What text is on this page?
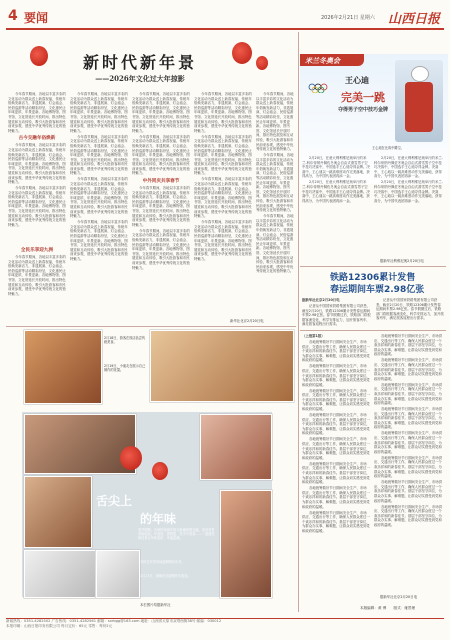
4 要闻	2026年2月21日 星期六 山西日报
新时代新年景
——2026年文化过大年掠影

今年春节期间，各地以丰富多彩的文化活动为群众送上新春祝福，传统年俗焕发新活力，非遗展演、灯会庙会、民俗巡游等活动精彩纷呈，文化惠民让年味更浓、年景更新。各地博物馆、图书馆、文化馆延长开放时间，推出特色展览和互动体验，吸引大批游客和市民前来参观，感受中华优秀传统文化的独特魅力。

古今交融年俗焕新

今年春节期间，各地以丰富多彩的文化活动为群众送上新春祝福，传统年俗焕发新活力，非遗展演、灯会庙会、民俗巡游等活动精彩纷呈，文化惠民让年味更浓、年景更新。各地博物馆、图书馆、文化馆延长开放时间，推出特色展览和互动体验，吸引大批游客和市民前来参观，感受中华优秀传统文化的独特魅力。

今年春节期间，各地以丰富多彩的文化活动为群众送上新春祝福，传统年俗焕发新活力，非遗展演、灯会庙会、民俗巡游等活动精彩纷呈，文化惠民让年味更浓、年景更新。各地博物馆、图书馆、文化馆延长开放时间，推出特色展览和互动体验，吸引大批游客和市民前来参观，感受中华优秀传统文化的独特魅力。

全民乐享迎九洲

今年春节期间，各地以丰富多彩的文化活动为群众送上新春祝福，传统年俗焕发新活力，非遗展演、灯会庙会、民俗巡游等活动精彩纷呈，文化惠民让年味更浓、年景更新。各地博物馆、图书馆、文化馆延长开放时间，推出特色展览和互动体验，吸引大批游客和市民前来参观，感受中华优秀传统文化的独特魅力。

今年春节期间，各地以丰富多彩的文化活动为群众送上新春祝福，传统年俗焕发新活力，非遗展演、灯会庙会、民俗巡游等活动精彩纷呈，文化惠民让年味更浓、年景更新。各地博物馆、图书馆、文化馆延长开放时间，推出特色展览和互动体验，吸引大批游客和市民前来参观，感受中华优秀传统文化的独特魅力。

今年春节期间，各地以丰富多彩的文化活动为群众送上新春祝福，传统年俗焕发新活力，非遗展演、灯会庙会、民俗巡游等活动精彩纷呈，文化惠民让年味更浓、年景更新。各地博物馆、图书馆、文化馆延长开放时间，推出特色展览和互动体验，吸引大批游客和市民前来参观，感受中华优秀传统文化的独特魅力。

今年春节期间，各地以丰富多彩的文化活动为群众送上新春祝福，传统年俗焕发新活力，非遗展演、灯会庙会、民俗巡游等活动精彩纷呈，文化惠民让年味更浓、年景更新。各地博物馆、图书馆、文化馆延长开放时间，推出特色展览和互动体验，吸引大批游客和市民前来参观，感受中华优秀传统文化的独特魅力。

今年春节期间，各地以丰富多彩的文化活动为群众送上新春祝福，传统年俗焕发新活力，非遗展演、灯会庙会、民俗巡游等活动精彩纷呈，文化惠民让年味更浓、年景更新。各地博物馆、图书馆、文化馆延长开放时间，推出特色展览和互动体验，吸引大批游客和市民前来参观，感受中华优秀传统文化的独特魅力。

今年春节期间，各地以丰富多彩的文化活动为群众送上新春祝福，传统年俗焕发新活力，非遗展演、灯会庙会、民俗巡游等活动精彩纷呈，文化惠民让年味更浓、年景更新。各地博物馆、图书馆、文化馆延长开放时间，推出特色展览和互动体验，吸引大批游客和市民前来参观，感受中华优秀传统文化的独特魅力。

今年春节期间，各地以丰富多彩的文化活动为群众送上新春祝福，传统年俗焕发新活力，非遗展演、灯会庙会、民俗巡游等活动精彩纷呈，文化惠民让年味更浓、年景更新。各地博物馆、图书馆、文化馆延长开放时间，推出特色展览和互动体验，吸引大批游客和市民前来参观，感受中华优秀传统文化的独特魅力。

中外同庆共享春节

今年春节期间，各地以丰富多彩的文化活动为群众送上新春祝福，传统年俗焕发新活力，非遗展演、灯会庙会、民俗巡游等活动精彩纷呈，文化惠民让年味更浓、年景更新。各地博物馆、图书馆、文化馆延长开放时间，推出特色展览和互动体验，吸引大批游客和市民前来参观，感受中华优秀传统文化的独特魅力。

今年春节期间，各地以丰富多彩的文化活动为群众送上新春祝福，传统年俗焕发新活力，非遗展演、灯会庙会、民俗巡游等活动精彩纷呈，文化惠民让年味更浓、年景更新。各地博物馆、图书馆、文化馆延长开放时间，推出特色展览和互动体验，吸引大批游客和市民前来参观，感受中华优秀传统文化的独特魅力。

今年春节期间，各地以丰富多彩的文化活动为群众送上新春祝福，传统年俗焕发新活力，非遗展演、灯会庙会、民俗巡游等活动精彩纷呈，文化惠民让年味更浓、年景更新。各地博物馆、图书馆、文化馆延长开放时间，推出特色展览和互动体验，吸引大批游客和市民前来参观，感受中华优秀传统文化的独特魅力。

今年春节期间，各地以丰富多彩的文化活动为群众送上新春祝福，传统年俗焕发新活力，非遗展演、灯会庙会、民俗巡游等活动精彩纷呈，文化惠民让年味更浓、年景更新。各地博物馆、图书馆、文化馆延长开放时间，推出特色展览和互动体验，吸引大批游客和市民前来参观，感受中华优秀传统文化的独特魅力。

今年春节期间，各地以丰富多彩的文化活动为群众送上新春祝福，传统年俗焕发新活力，非遗展演、灯会庙会、民俗巡游等活动精彩纷呈，文化惠民让年味更浓、年景更新。各地博物馆、图书馆、文化馆延长开放时间，推出特色展览和互动体验，吸引大批游客和市民前来参观，感受中华优秀传统文化的独特魅力。

今年春节期间，各地以丰富多彩的文化活动为群众送上新春祝福，传统年俗焕发新活力，非遗展演、灯会庙会、民俗巡游等活动精彩纷呈，文化惠民让年味更浓、年景更新。各地博物馆、图书馆、文化馆延长开放时间，推出特色展览和互动体验，吸引大批游客和市民前来参观，感受中华优秀传统文化的独特魅力。

今年春节期间，各地以丰富多彩的文化活动为群众送上新春祝福，传统年俗焕发新活力，非遗展演、灯会庙会、民俗巡游等活动精彩纷呈，文化惠民让年味更浓、年景更新。各地博物馆、图书馆、文化馆延长开放时间，推出特色展览和互动体验，吸引大批游客和市民前来参观，感受中华优秀传统文化的独特魅力。

今年春节期间，各地以丰富多彩的文化活动为群众送上新春祝福，传统年俗焕发新活力，非遗展演、灯会庙会、民俗巡游等活动精彩纷呈，文化惠民让年味更浓、年景更新。各地博物馆、图书馆、文化馆延长开放时间，推出特色展览和互动体验，吸引大批游客和市民前来参观，感受中华优秀传统文化的独特魅力。

今年春节期间，各地以丰富多彩的文化活动为群众送上新春祝福，传统年俗焕发新活力，非遗展演、灯会庙会、民俗巡游等活动精彩纷呈，文化惠民让年味更浓、年景更新。各地博物馆、图书馆、文化馆延长开放时间，推出特色展览和互动体验，吸引大批游客和市民前来参观，感受中华优秀传统文化的独特魅力。

新华社北京2月20日电
2月18日，游客在饭店品尝传统美食。
2月19日，小朋友在展示自己制作的花馍。
舌尖上
的年味
春节假期，各地的传统年俗与新潮消费交融，美食美景竞相绽放。年夜饭、团圆宴、老字号美食……一道道美味佳肴让年味更浓、幸福更满。
市民在年货市场选购特色年货。
2月17日，厨师在后厨制作年夜饭。
本栏图片均据新华社
米兰冬奥会
王心迪
完美一跳
夺得男子空中技巧金牌
王心迪在比赛中腾空。

2月20日，在意大利利维尼奥举行的米兰-科尔蒂纳丹佩佐冬奥会自由式滑雪男子空中技巧决赛中，中国选手王心迪夺得金牌。决赛中，王心迪以一跳高难度动作完美落地，获得高分，为中国代表团再添一金。

2月20日，在意大利利维尼奥举行的米兰-科尔蒂纳丹佩佐冬奥会自由式滑雪男子空中技巧决赛中，中国选手王心迪夺得金牌。决赛中，王心迪以一跳高难度动作完美落地，获得高分，为中国代表团再添一金。

2月20日，在意大利利维尼奥举行的米兰-科尔蒂纳丹佩佐冬奥会自由式滑雪男子空中技巧决赛中，中国选手王心迪夺得金牌。决赛中，王心迪以一跳高难度动作完美落地，获得高分，为中国代表团再添一金。

2月20日，在意大利利维尼奥举行的米兰-科尔蒂纳丹佩佐冬奥会自由式滑雪男子空中技巧决赛中，中国选手王心迪夺得金牌。决赛中，王心迪以一跳高难度动作完美落地，获得高分，为中国代表团再添一金。

据新华社利维尼奥2月20日电
铁路12306累计发售
春运期间车票2.98亿张

据新华社北京2月20日电

记者从中国国家铁路集团有限公司获悉，截至2月20日，铁路12306累计发售春运期间车票2.98亿张。春节假期过后，铁路部门将根据客流变化，科学安排运力，加开旅客列车，满足旅客返程出行需求。

记者从中国国家铁路集团有限公司获悉，截至2月20日，铁路12306累计发售春运期间车票2.98亿张。春节假期过后，铁路部门将根据客流变化，科学安排运力，加开旅客列车，满足旅客返程出行需求。

（上接第1版）

各地统筹做好节日期间安全生产、市场供应、交通出行等工作，确保人民群众度过一个欢乐祥和的新春佳节。基层干部坚守岗位，为群众办实事、解难题，让群众切实感受到党和政府的温暖。

各地统筹做好节日期间安全生产、市场供应、交通出行等工作，确保人民群众度过一个欢乐祥和的新春佳节。基层干部坚守岗位，为群众办实事、解难题，让群众切实感受到党和政府的温暖。

各地统筹做好节日期间安全生产、市场供应、交通出行等工作，确保人民群众度过一个欢乐祥和的新春佳节。基层干部坚守岗位，为群众办实事、解难题，让群众切实感受到党和政府的温暖。

各地统筹做好节日期间安全生产、市场供应、交通出行等工作，确保人民群众度过一个欢乐祥和的新春佳节。基层干部坚守岗位，为群众办实事、解难题，让群众切实感受到党和政府的温暖。

各地统筹做好节日期间安全生产、市场供应、交通出行等工作，确保人民群众度过一个欢乐祥和的新春佳节。基层干部坚守岗位，为群众办实事、解难题，让群众切实感受到党和政府的温暖。

各地统筹做好节日期间安全生产、市场供应、交通出行等工作，确保人民群众度过一个欢乐祥和的新春佳节。基层干部坚守岗位，为群众办实事、解难题，让群众切实感受到党和政府的温暖。

各地统筹做好节日期间安全生产、市场供应、交通出行等工作，确保人民群众度过一个欢乐祥和的新春佳节。基层干部坚守岗位，为群众办实事、解难题，让群众切实感受到党和政府的温暖。

各地统筹做好节日期间安全生产、市场供应、交通出行等工作，确保人民群众度过一个欢乐祥和的新春佳节。基层干部坚守岗位，为群众办实事、解难题，让群众切实感受到党和政府的温暖。

各地统筹做好节日期间安全生产、市场供应、交通出行等工作，确保人民群众度过一个欢乐祥和的新春佳节。基层干部坚守岗位，为群众办实事、解难题，让群众切实感受到党和政府的温暖。

各地统筹做好节日期间安全生产、市场供应、交通出行等工作，确保人民群众度过一个欢乐祥和的新春佳节。基层干部坚守岗位，为群众办实事、解难题，让群众切实感受到党和政府的温暖。

各地统筹做好节日期间安全生产、市场供应、交通出行等工作，确保人民群众度过一个欢乐祥和的新春佳节。基层干部坚守岗位，为群众办实事、解难题，让群众切实感受到党和政府的温暖。

各地统筹做好节日期间安全生产、市场供应、交通出行等工作，确保人民群众度过一个欢乐祥和的新春佳节。基层干部坚守岗位，为群众办实事、解难题，让群众切实感受到党和政府的温暖。

各地统筹做好节日期间安全生产、市场供应、交通出行等工作，确保人民群众度过一个欢乐祥和的新春佳节。基层干部坚守岗位，为群众办实事、解难题，让群众切实感受到党和政府的温暖。

各地统筹做好节日期间安全生产、市场供应、交通出行等工作，确保人民群众度过一个欢乐祥和的新春佳节。基层干部坚守岗位，为群众办实事、解难题，让群众切实感受到党和政府的温暖。

各地统筹做好节日期间安全生产、市场供应、交通出行等工作，确保人民群众度过一个欢乐祥和的新春佳节。基层干部坚守岗位，为群众办实事、解难题，让群众切实感受到党和政府的温暖。

各地统筹做好节日期间安全生产、市场供应、交通出行等工作，确保人民群众度过一个欢乐祥和的新春佳节。基层干部坚守岗位，为群众办实事、解难题，让群众切实感受到党和政府的温暖。

据新华社北京2月20日电
本版编辑：黄 博　　版式：雍景理
新闻热线：0351-4282502 广告热线：0351-4282561 邮箱：sxrbgg@163.com 地址：山西省太原市双塔西街38号 邮编：030012
本报印刷：山西日报印务有限公司 每月定价：65元 零售：每份2元
